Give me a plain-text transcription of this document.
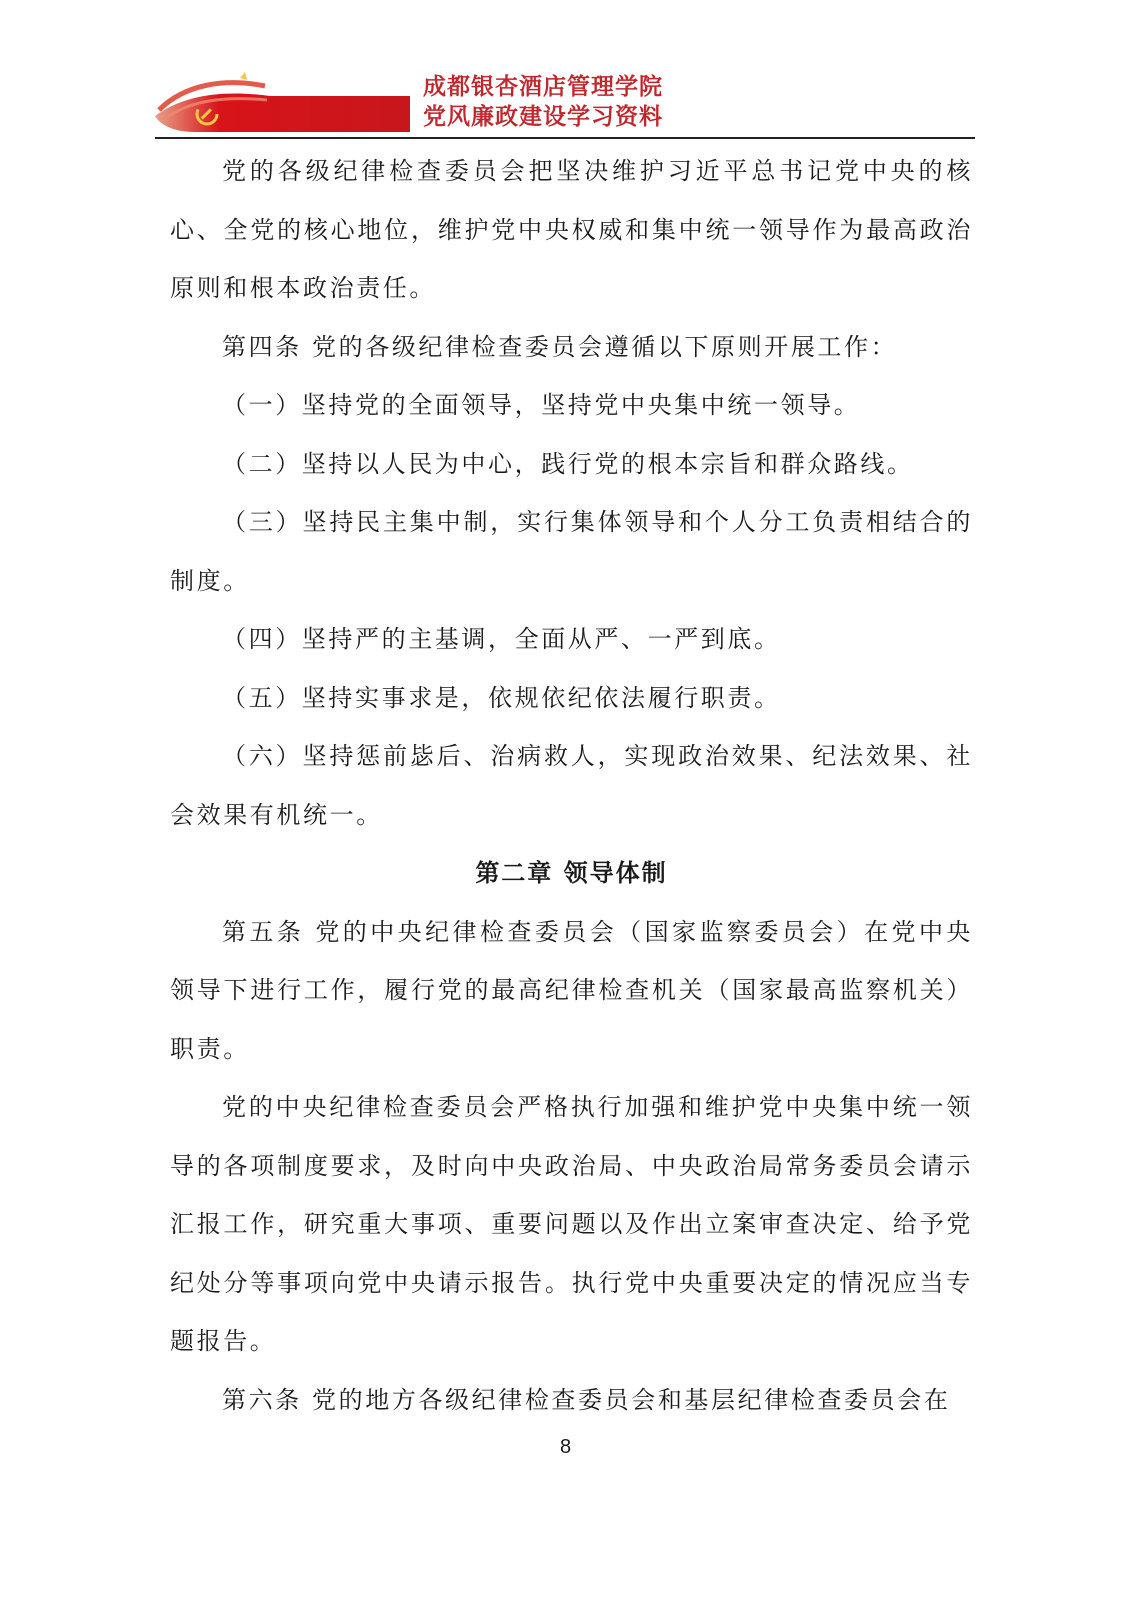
成都银杏酒店管理学院
党风廉政建设学习资料

党的各级纪律检查委员会把坚决维护习近平总书记党中央的核心、全党的核心地位，维护党中央权威和集中统一领导作为最高政治原则和根本政治责任。

第四条 党的各级纪律检查委员会遵循以下原则开展工作：

（一）坚持党的全面领导，坚持党中央集中统一领导。

（二）坚持以人民为中心，践行党的根本宗旨和群众路线。

（三）坚持民主集中制，实行集体领导和个人分工负责相结合的制度。

（四）坚持严的主基调，全面从严、一严到底。

（五）坚持实事求是，依规依纪依法履行职责。

（六）坚持惩前毖后、治病救人，实现政治效果、纪法效果、社会效果有机统一。

第二章 领导体制

第五条 党的中央纪律检查委员会（国家监察委员会）在党中央领导下进行工作，履行党的最高纪律检查机关（国家最高监察机关）职责。

党的中央纪律检查委员会严格执行加强和维护党中央集中统一领导的各项制度要求，及时向中央政治局、中央政治局常务委员会请示汇报工作，研究重大事项、重要问题以及作出立案审查决定、给予党纪处分等事项向党中央请示报告。执行党中央重要决定的情况应当专题报告。

第六条 党的地方各级纪律检查委员会和基层纪律检查委员会在

8
